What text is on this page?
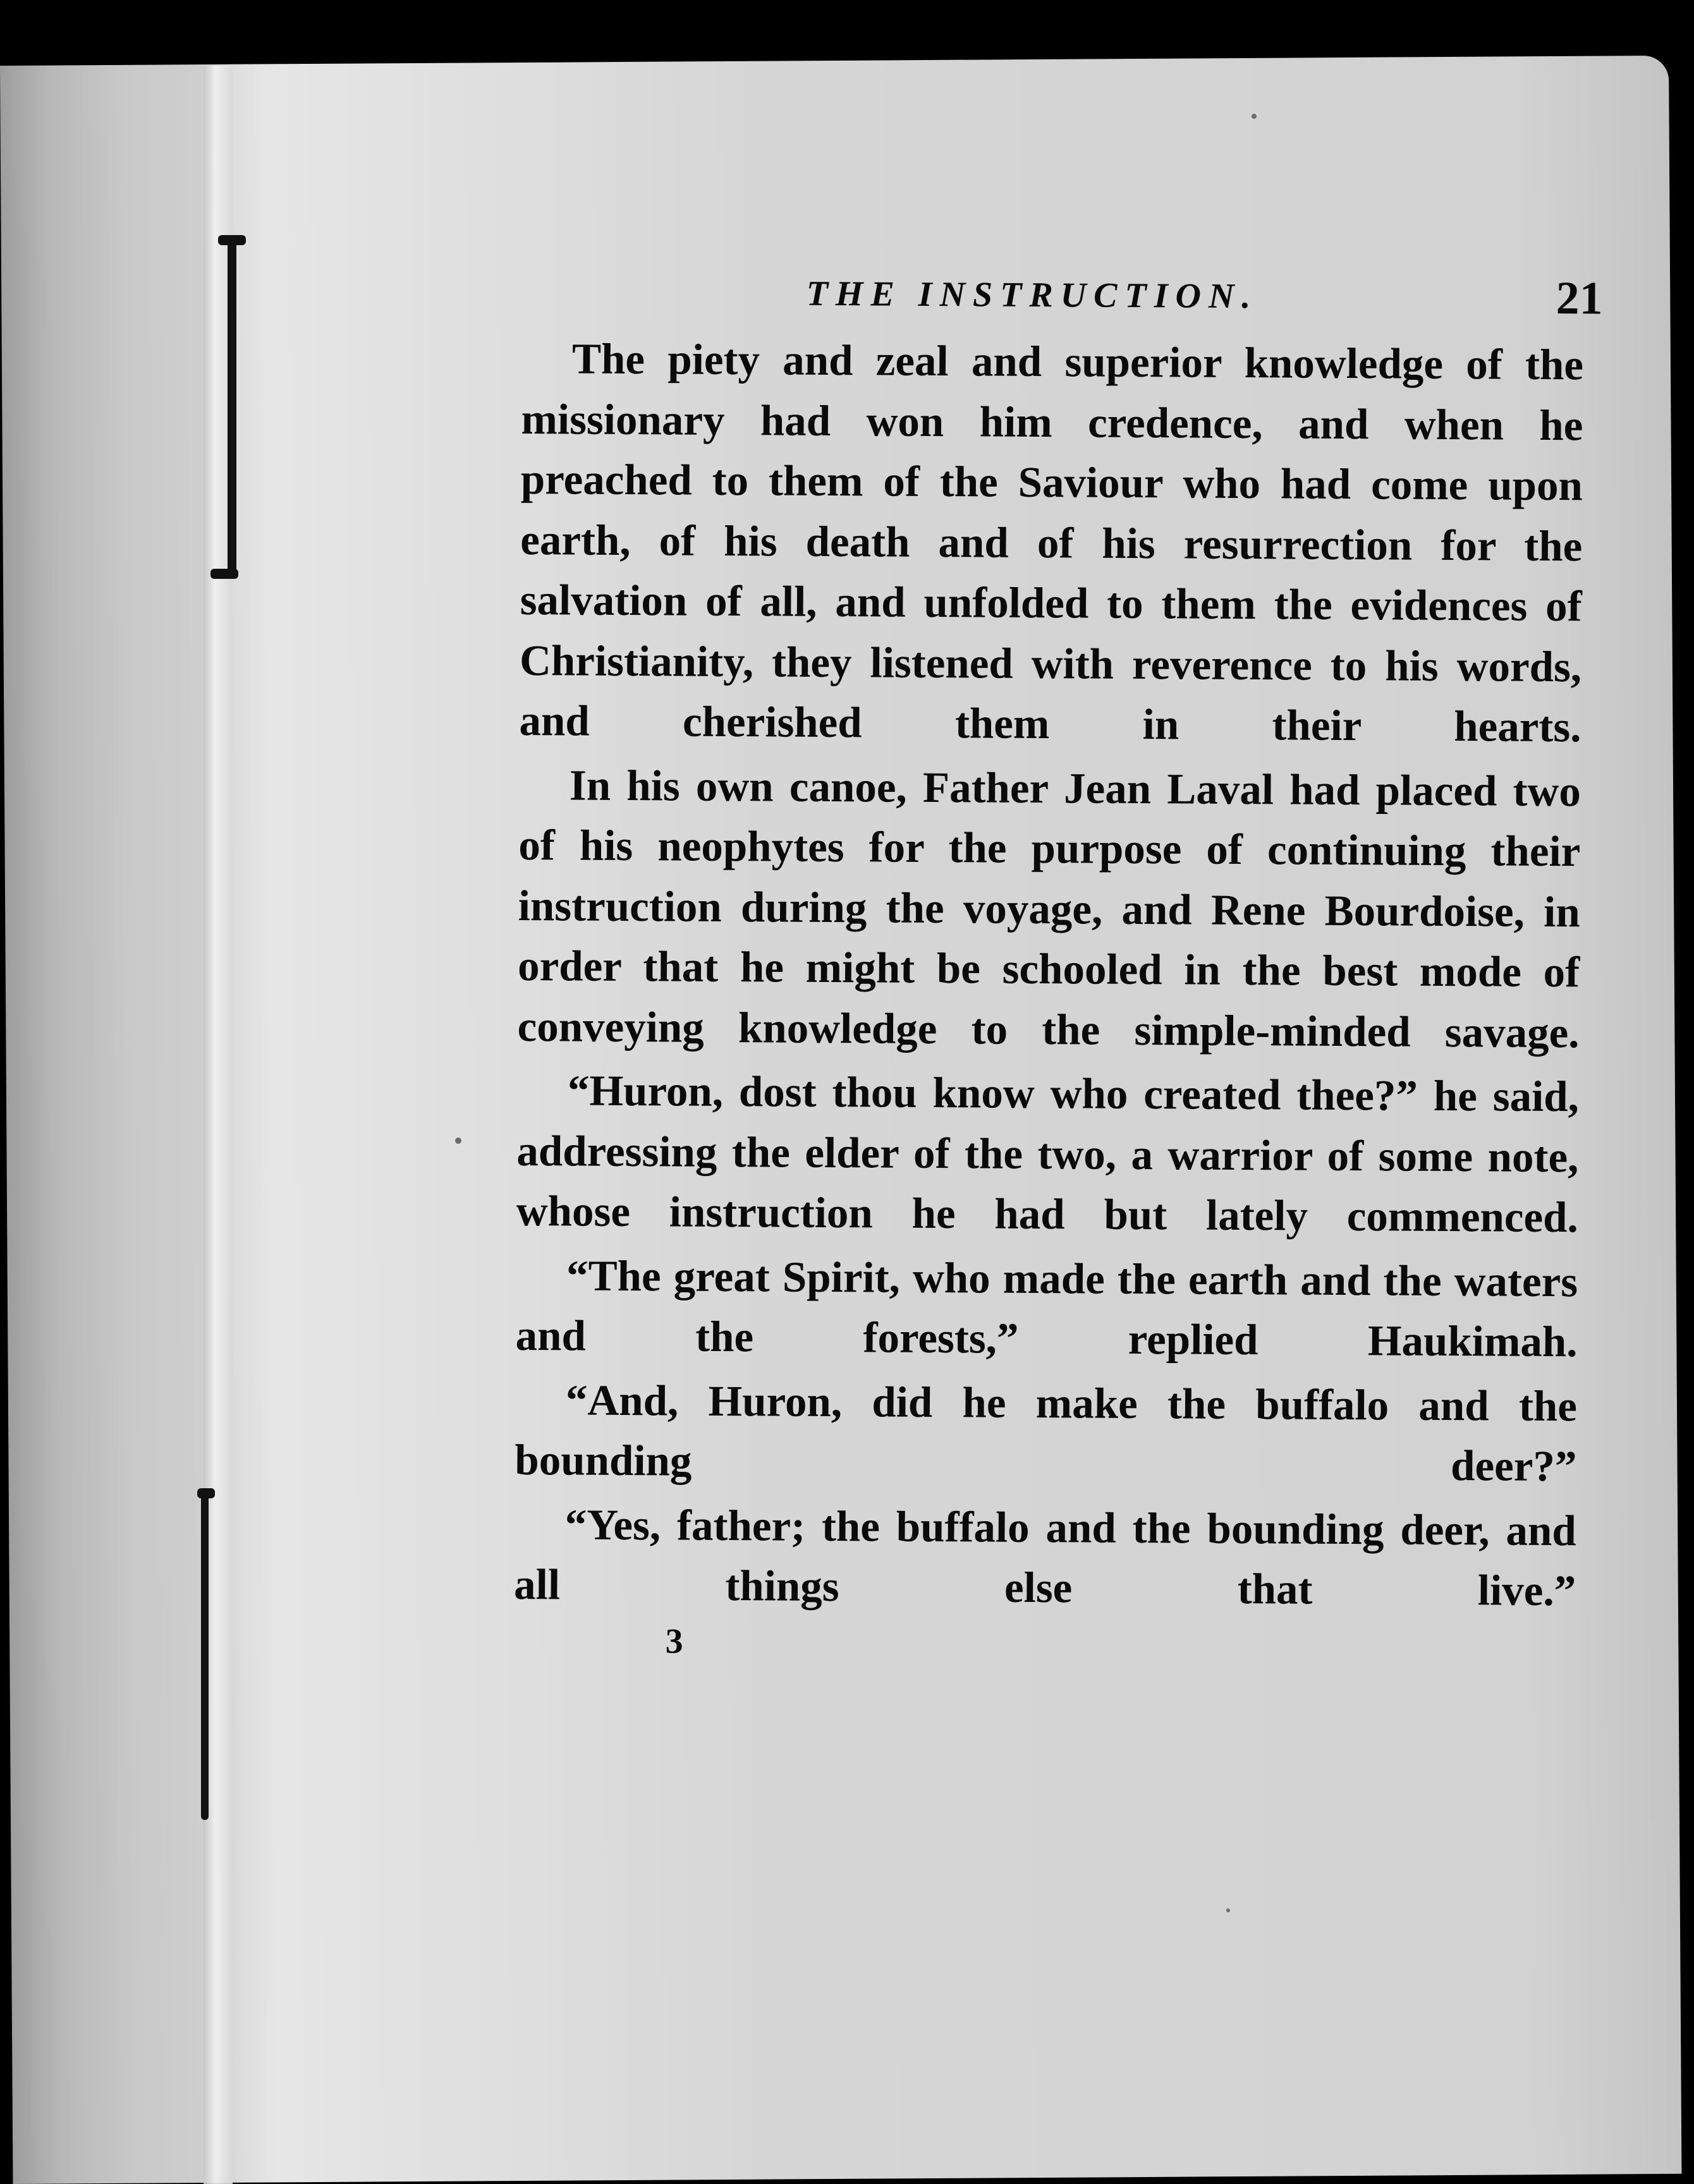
THE INSTRUCTION.	21

The piety and zeal and superior knowledge of the missionary had won him credence, and when he preached to them of the Saviour who had come upon earth, of his death and of his resurrection for the salvation of all, and unfolded to them the evidences of Christianity, they listened with reverence to his words, and cherished them in their hearts.

In his own canoe, Father Jean Laval had placed two of his neophytes for the purpose of continuing their instruction during the voyage, and Rene Bourdoise, in order that he might be schooled in the best mode of conveying knowledge to the simple-minded savage.

“Huron, dost thou know who created thee?” he said, addressing the elder of the two, a warrior of some note, whose instruction he had but lately commenced.

“The great Spirit, who made the earth and the waters and the forests,” replied Haukimah.

“And, Huron, did he make the buffalo and the bounding deer?”

“Yes, father; the buffalo and the bounding deer, and all things else that live.”

3
